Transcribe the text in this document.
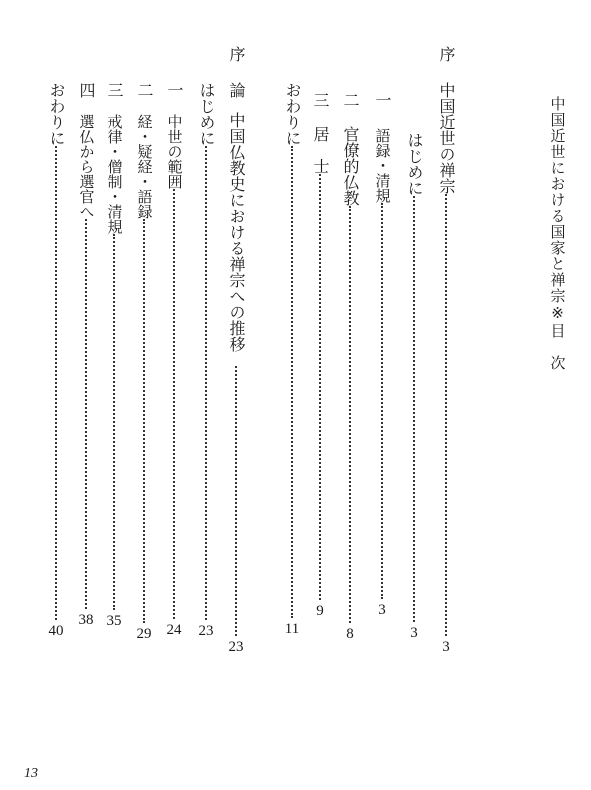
中国近世における国家と禅宗※目　次
序
中国近世の禅宗
3
はじめに
3
一
語録・清規
3
二
官僚的仏教
8
三
居　士
9
おわりに
11
序
論
中国仏教史における禅宗への推移
23
はじめに
23
一
中世の範囲
24
二
経・疑経・語録
29
三
戒律・僧制・清規
35
四
選仏から選官へ
38
おわりに
40
13
